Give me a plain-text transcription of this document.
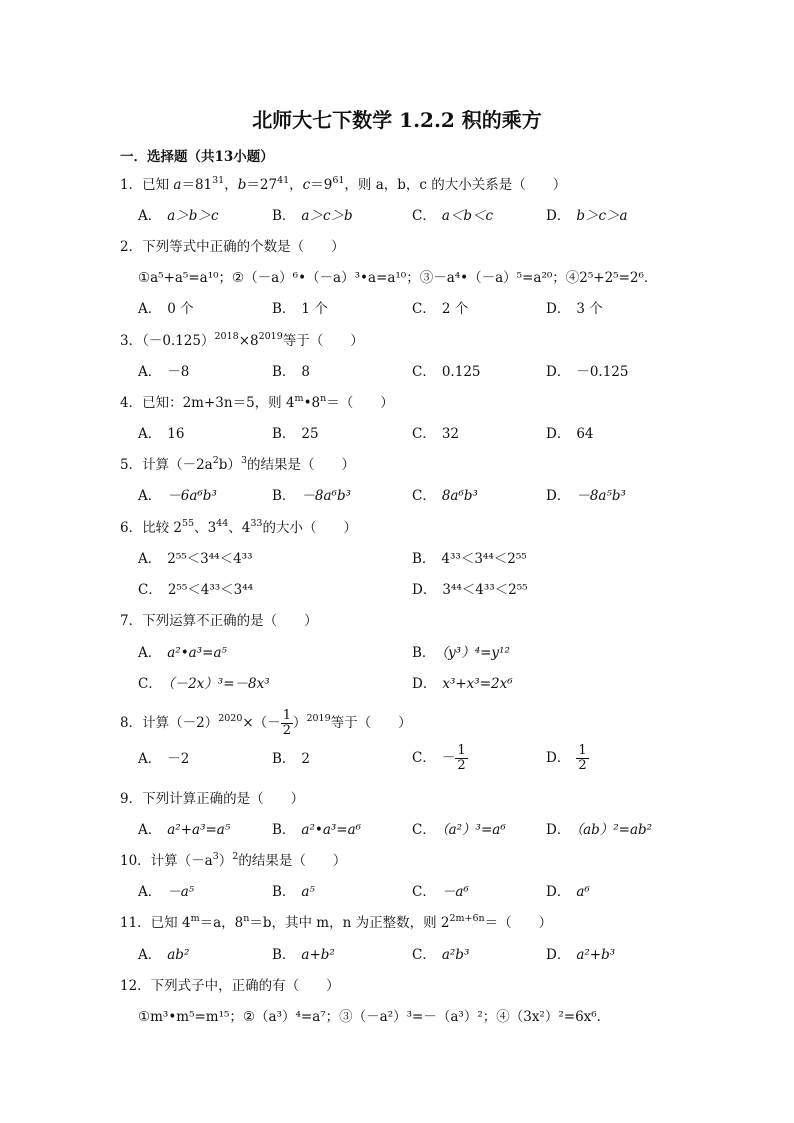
北师大七下数学 1.2.2 积的乘方
一．选择题（共13小题）
1．已知 $a=81^{31}$，$b=27^{41}$，$c=9^{61}$，则 a，b，c 的大小关系是（　　）
A． a＞b＞c	B． a＞c＞b	C． a＜b＜c	D． b＞c＞a
2．下列等式中正确的个数是（　　）
①a⁵+a⁵=a¹⁰；②（－a）⁶•（－a）³•a=a¹⁰；③－a⁴•（－a）⁵=a²⁰；④2⁵+2⁵=2⁶．
A． 0 个	B． 1 个	C． 2 个	D． 3 个
3．$(-0.125)^{2018}\times 8^{2019}$等于（　　）
A． －8	B． 8	C． 0.125	D． －0.125
4．已知：2m+3n＝5，则 $4^m•8^n=$（　　）
A． 16	B． 25	C． 32	D． 64
5．计算$(-2a^2b)^3$的结果是（　　）
A． －6a⁶b³	B． －8a⁶b³	C． 8a⁶b³	D． －8a⁵b³
6．比较 $2^{55}$、$3^{44}$、$4^{33}$的大小（　　）
A． 2⁵⁵＜3⁴⁴＜4³³	B． 4³³＜3⁴⁴＜2⁵⁵
C． 2⁵⁵＜4³³＜3⁴⁴	D． 3⁴⁴＜4³³＜2⁵⁵
7．下列运算不正确的是（　　）
A． a²•a³=a⁵	B． （y³）⁴=y¹²
C． （－2x）³=－8x³	D． x³+x³=2x⁶
8．计算$(-2)^{2020}\times(- \frac{1}{2} )^{2019}$等于（　　）
A． －2	B． 2	C． － $\frac{1}{2}$	D． $\frac{1}{2}$
9．下列计算正确的是（　　）
A． a²+a³=a⁵	B． a²•a³=a⁶	C． （a²）³=a⁶	D． （ab）²=ab²
10．计算$(-a^3)^2$的结果是（　　）
A． －a⁵	B． a⁵	C． －a⁶	D． a⁶
11．已知 $4^m=a$，$8^n=b$，其中 m，n 为正整数，则 $2^{2m+6n}=$（　　）
A． ab²	B． a+b²	C． a²b³	D． a²+b³
12．下列式子中，正确的有（　　）
①m³•m⁵=m¹⁵；②（a³）⁴=a⁷；③（－a²）³=－（a³）²；④（3x²）²=6x⁶．
